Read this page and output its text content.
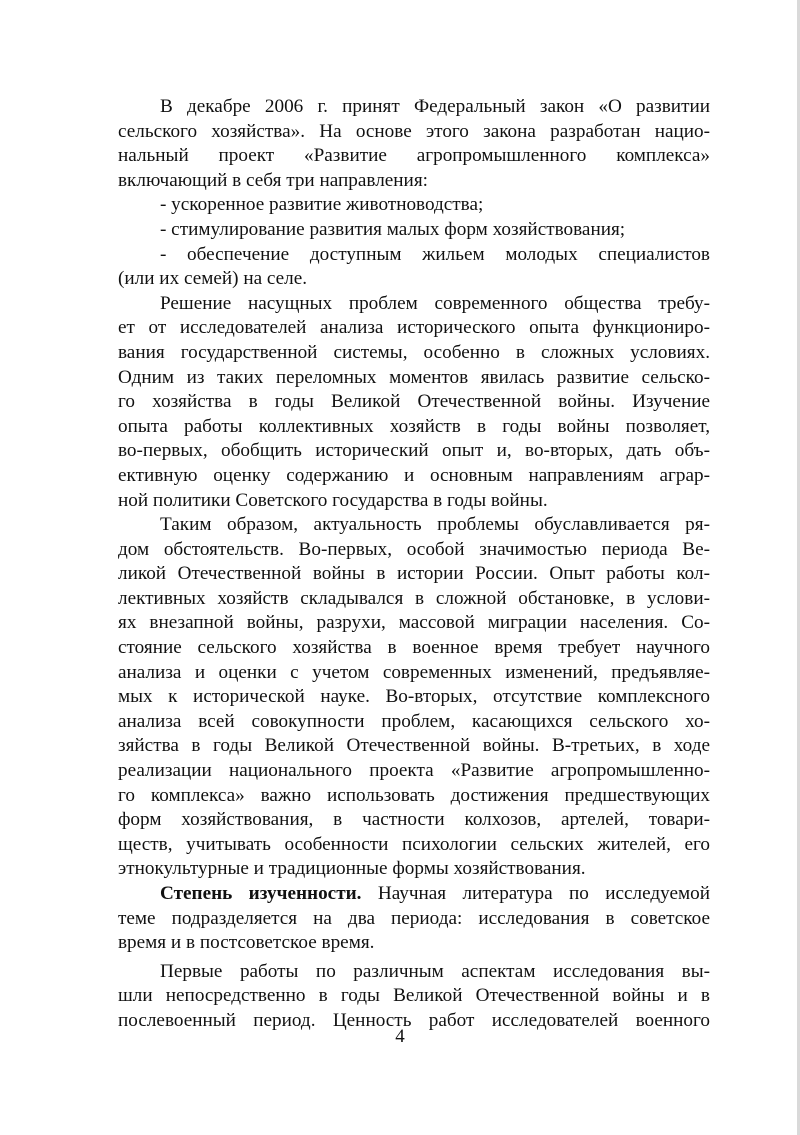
В декабре 2006 г. принят Федеральный закон «О развитии
сельского хозяйства». На основе этого закона разработан нацио-
нальный проект «Развитие агропромышленного комплекса»
включающий в себя три направления:

- ускоренное развитие животноводства;
- стимулирование развития малых форм хозяйствования;

- обеспечение доступным жильем молодых специалистов
(или их семей) на селе.

Решение насущных проблем современного общества требу-
ет от исследователей анализа исторического опыта функциониро-
вания государственной системы, особенно в сложных условиях.
Одним из таких переломных моментов явилась развитие сельско-
го хозяйства в годы Великой Отечественной войны. Изучение
опыта работы коллективных хозяйств в годы войны позволяет,
во-первых, обобщить исторический опыт и, во-вторых, дать объ-
ективную оценку содержанию и основным направлениям аграр-
ной политики Советского государства в годы войны.

Таким образом, актуальность проблемы обуславливается ря-
дом обстоятельств. Во-первых, особой значимостью периода Ве-
ликой Отечественной войны в истории России. Опыт работы кол-
лективных хозяйств складывался в сложной обстановке, в услови-
ях внезапной войны, разрухи, массовой миграции населения. Со-
стояние сельского хозяйства в военное время требует научного
анализа и оценки с учетом современных изменений, предъявляе-
мых к исторической науке. Во-вторых, отсутствие комплексного
анализа всей совокупности проблем, касающихся сельского хо-
зяйства в годы Великой Отечественной войны. В-третьих, в ходе
реализации национального проекта «Развитие агропромышленно-
го комплекса» важно использовать достижения предшествующих
форм хозяйствования, в частности колхозов, артелей, товари-
ществ, учитывать особенности психологии сельских жителей, его
этнокультурные и традиционные формы хозяйствования.

Степень изученности. Научная литература по исследуемой
теме подразделяется на два периода: исследования в советское
время и в постсоветское время.

Первые работы по различным аспектам исследования вы-
шли непосредственно в годы Великой Отечественной войны и в
послевоенный период. Ценность работ исследователей военного

4
